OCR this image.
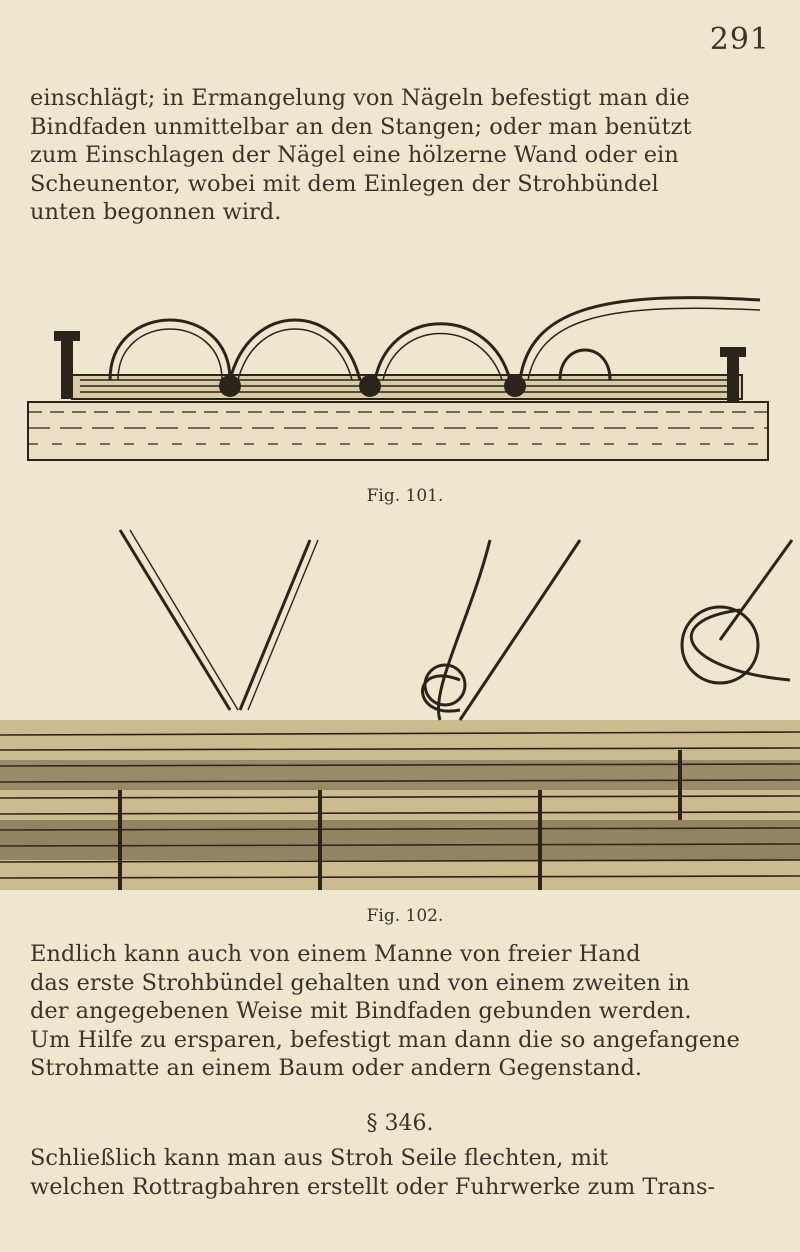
291

einschlägt; in Ermangelung von Nägeln befestigt man die
Bindfaden unmittelbar an den Stangen; oder man benützt
zum Einschlagen der Nägel eine hölzerne Wand oder ein
Scheunentor, wobei mit dem Einlegen der Strohbündel
unten begonnen wird.

Fig. 101.
Fig. 102.

Endlich kann auch von einem Manne von freier Hand
das erste Strohbündel gehalten und von einem zweiten in
der angegebenen Weise mit Bindfaden gebunden werden.
Um Hilfe zu ersparen, befestigt man dann die so angefangene
Strohmatte an einem Baum oder andern Gegenstand.

§ 346.

Schließlich kann man aus Stroh Seile flechten, mit
welchen Rottragbahren erstellt oder Fuhrwerke zum Trans-
